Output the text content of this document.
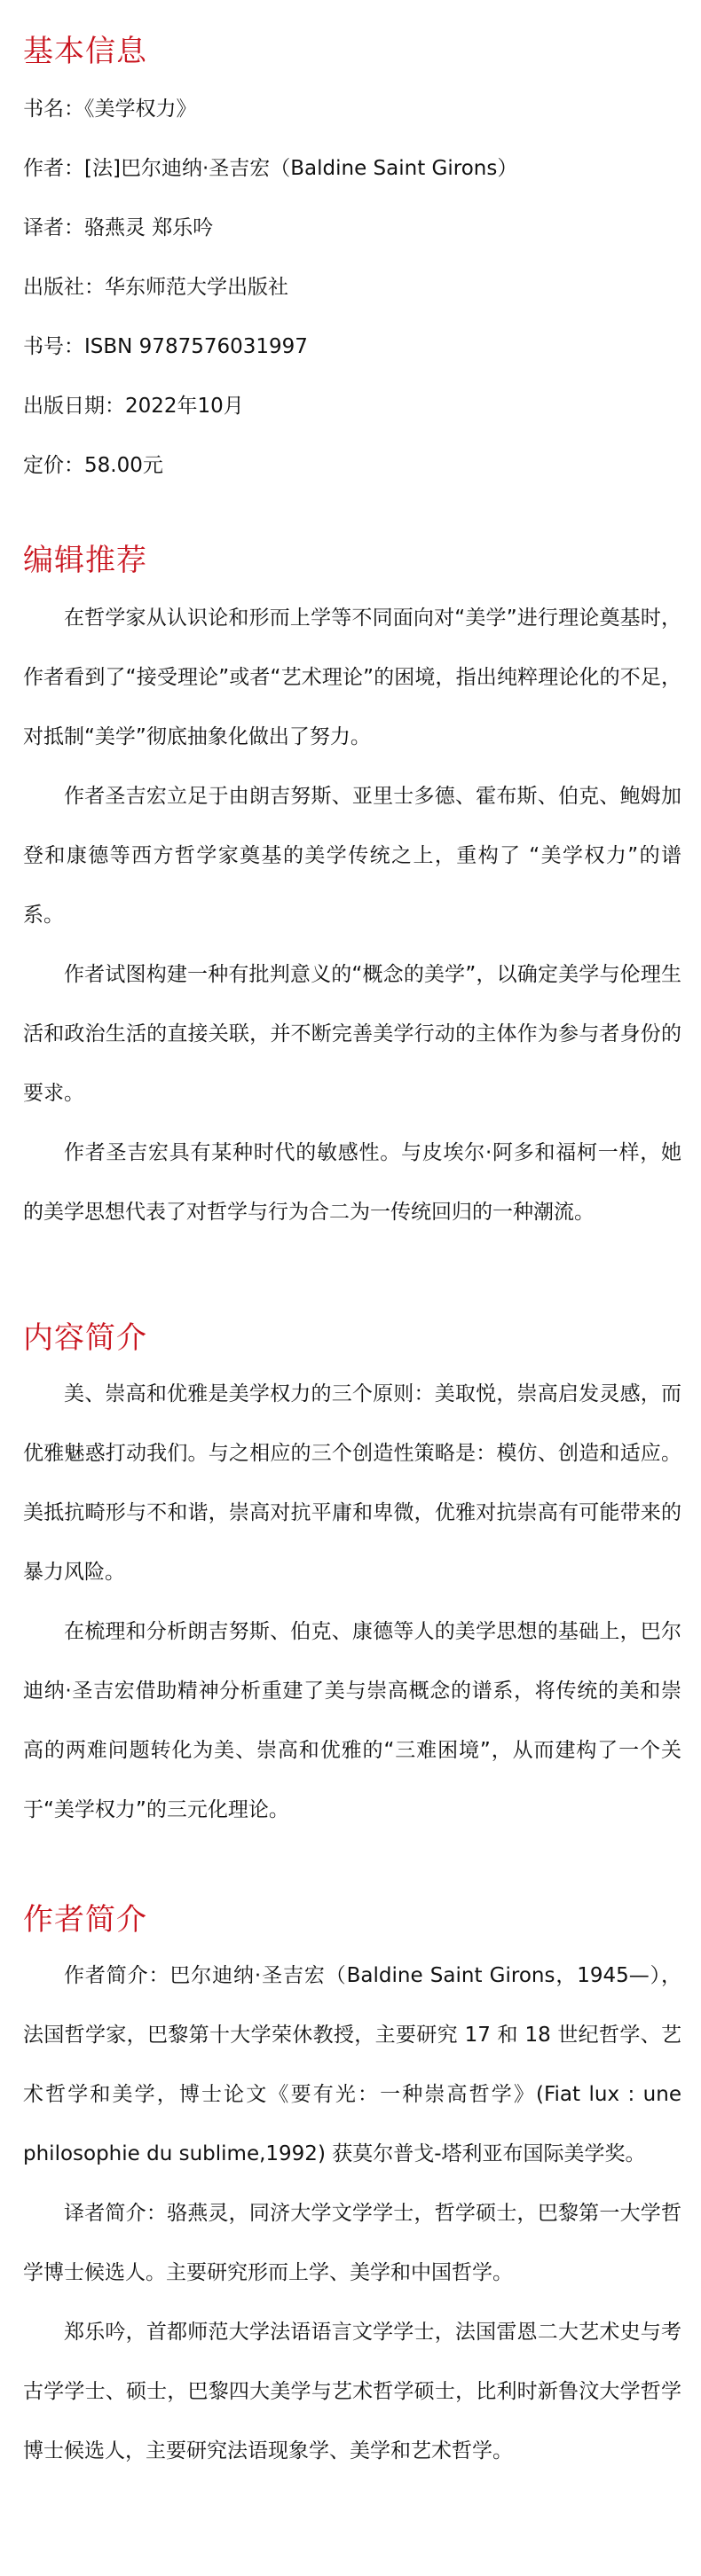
基本信息

书名：《美学权力》

作者：[法]巴尔迪纳·圣吉宏（Baldine Saint Girons）

译者：骆燕灵 郑乐吟

出版社：华东师范大学出版社

书号：ISBN 9787576031997

出版日期：2022年10月

定价：58.00元

编辑推荐

在哲学家从认识论和形而上学等不同面向对“美学”进行理论奠基时，作者看到了“接受理论”或者“艺术理论”的困境，指出纯粹理论化的不足，对抵制“美学”彻底抽象化做出了努力。

作者圣吉宏立足于由朗吉努斯、亚里士多德、霍布斯、伯克、鲍姆加登和康德等西方哲学家奠基的美学传统之上，重构了 “美学权力”的谱系。

作者试图构建一种有批判意义的“概念的美学”，以确定美学与伦理生活和政治生活的直接关联，并不断完善美学行动的主体作为参与者身份的要求。

作者圣吉宏具有某种时代的敏感性。与皮埃尔·阿多和福柯一样，她的美学思想代表了对哲学与行为合二为一传统回归的一种潮流。

内容简介

美、崇高和优雅是美学权力的三个原则：美取悦，崇高启发灵感，而优雅魅惑打动我们。与之相应的三个创造性策略是：模仿、创造和适应。美抵抗畸形与不和谐，崇高对抗平庸和卑微，优雅对抗崇高有可能带来的暴力风险。

在梳理和分析朗吉努斯、伯克、康德等人的美学思想的基础上，巴尔迪纳·圣吉宏借助精神分析重建了美与崇高概念的谱系，将传统的美和崇高的两难问题转化为美、崇高和优雅的“三难困境”，从而建构了一个关于“美学权力”的三元化理论。

作者简介

作者简介：巴尔迪纳·圣吉宏（Baldine Saint Girons，1945—），法国哲学家，巴黎第十大学荣休教授，主要研究 17 和 18 世纪哲学、艺术哲学和美学，博士论文《要有光：一种崇高哲学》(Fiat lux : une philosophie du sublime,1992) 获莫尔普戈-塔利亚布国际美学奖。

译者简介：骆燕灵，同济大学文学学士，哲学硕士，巴黎第一大学哲学博士候选人。主要研究形而上学、美学和中国哲学。

郑乐吟，首都师范大学法语语言文学学士，法国雷恩二大艺术史与考古学学士、硕士，巴黎四大美学与艺术哲学硕士，比利时新鲁汶大学哲学博士候选人，主要研究法语现象学、美学和艺术哲学。
